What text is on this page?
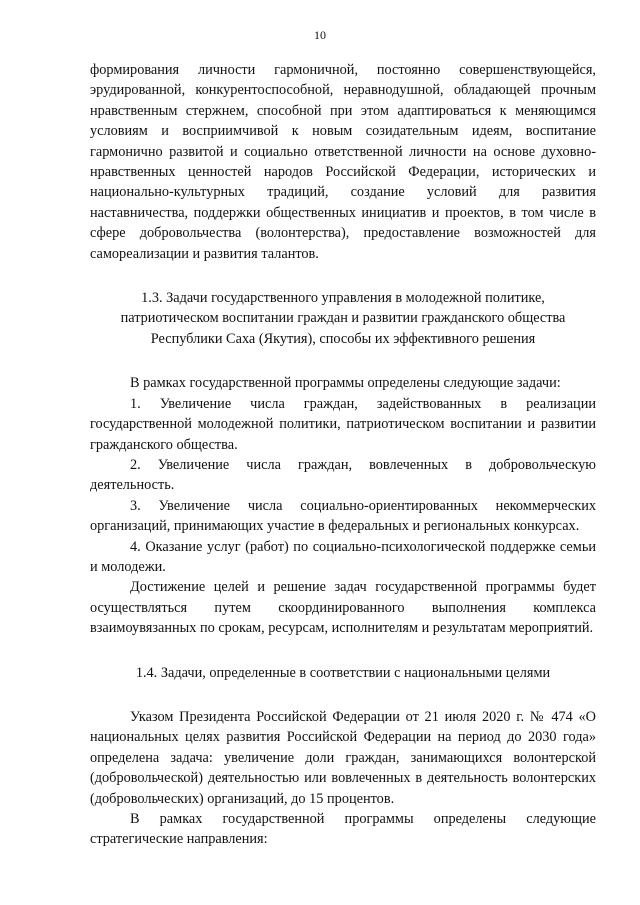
10

формирования личности гармоничной, постоянно совершенствующейся, эрудированной, конкурентоспособной, неравнодушной, обладающей прочным нравственным стержнем, способной при этом адаптироваться к меняющимся условиям и восприимчивой к новым созидательным идеям, воспитание гармонично развитой и социально ответственной личности на основе духовно-нравственных ценностей народов Российской Федерации, исторических и национально-культурных традиций, создание условий для развития наставничества, поддержки общественных инициатив и проектов, в том числе в сфере добровольчества (волонтерства), предоставление возможностей для самореализации и развития талантов.

1.3. Задачи государственного управления в молодежной политике,

патриотическом воспитании граждан и развитии гражданского общества

Республики Саха (Якутия), способы их эффективного решения

В рамках государственной программы определены следующие задачи:

1. Увеличение числа граждан, задействованных в реализации государственной молодежной политики, патриотическом воспитании и развитии гражданского общества.

2. Увеличение числа граждан, вовлеченных в добровольческую деятельность.

3. Увеличение числа социально-ориентированных некоммерческих организаций, принимающих участие в федеральных и региональных конкурсах.

4. Оказание услуг (работ) по социально-психологической поддержке семьи и молодежи.

Достижение целей и решение задач государственной программы будет осуществляться путем скоординированного выполнения комплекса взаимоувязанных по срокам, ресурсам, исполнителям и результатам мероприятий.

1.4. Задачи, определенные в соответствии с национальными целями

Указом Президента Российской Федерации от 21 июля 2020 г. № 474 «О национальных целях развития Российской Федерации на период до 2030 года» определена задача: увеличение доли граждан, занимающихся волонтерской (добровольческой) деятельностью или вовлеченных в деятельность волонтерских (добровольческих) организаций, до 15 процентов.

В рамках государственной программы определены следующие стратегические направления:
